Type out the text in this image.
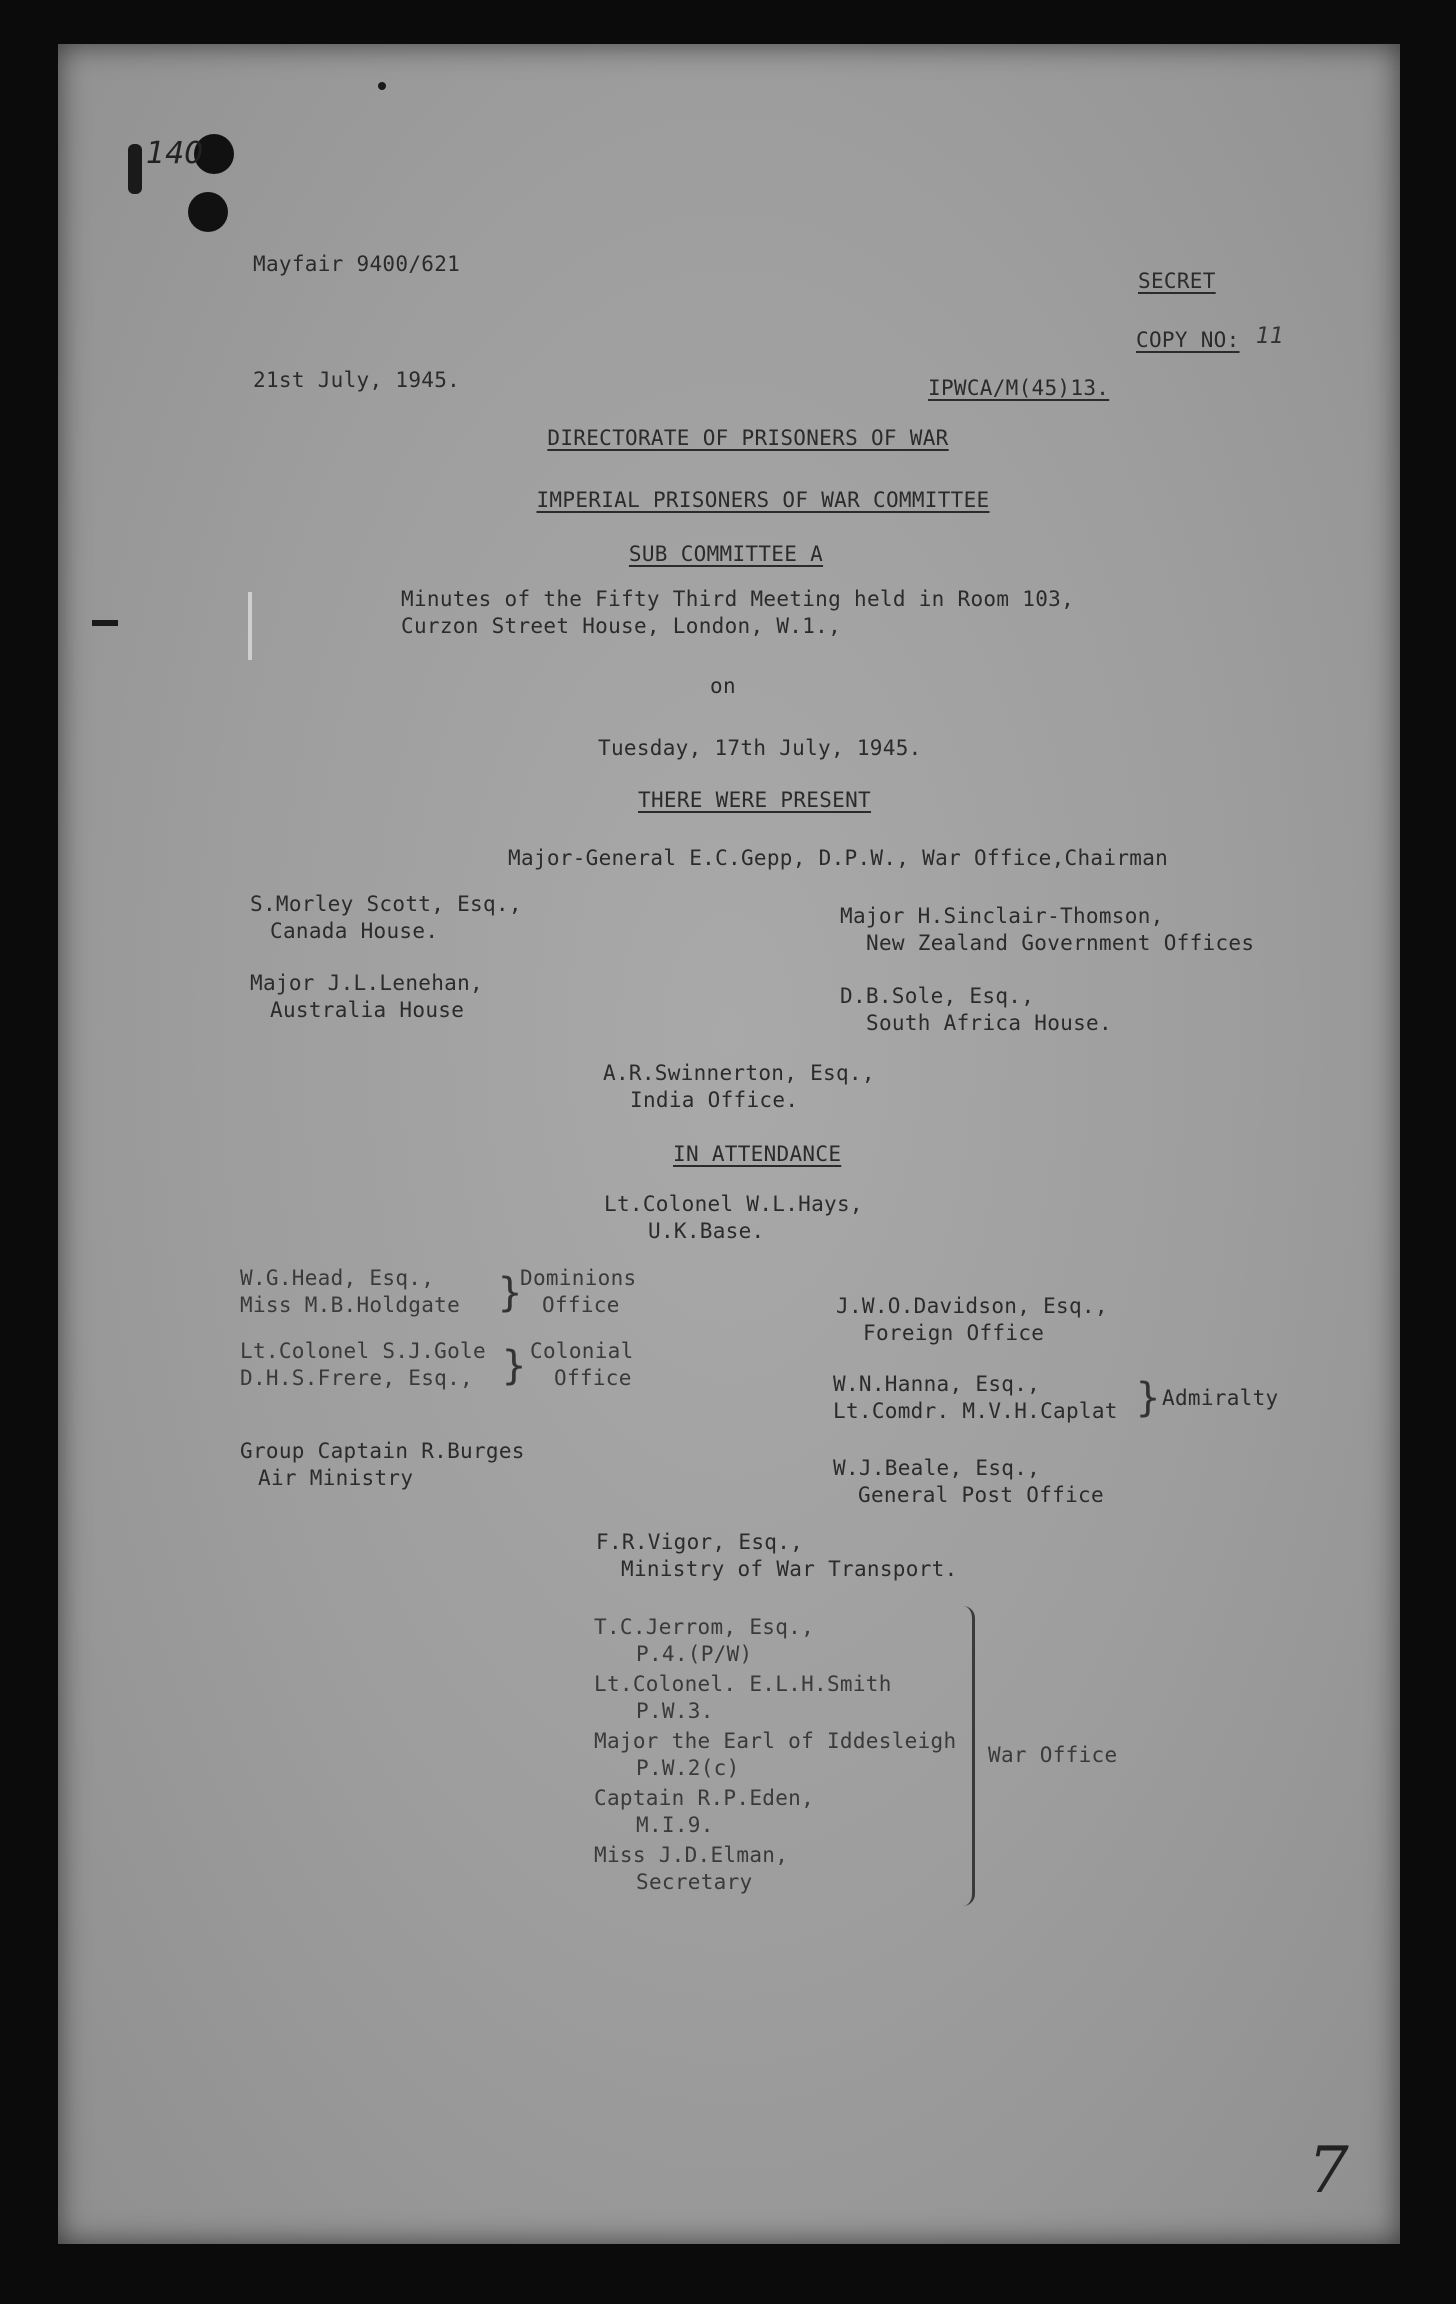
140
Mayfair 9400/621
SECRET
COPY NO: 11
21st July, 1945.	IPWCA/M(45)13.
DIRECTORATE OF PRISONERS OF WAR
IMPERIAL PRISONERS OF WAR COMMITTEE
SUB COMMITTEE A
Minutes of the Fifty Third Meeting held in Room 103,
Curzon Street House, London, W.1.,
on
Tuesday, 17th July, 1945.
THERE WERE PRESENT
Major-General E.C.Gepp, D.P.W., War Office,Chairman
S.Morley Scott, Esq.,
Canada House.
Major J.L.Lenehan,
Australia House
Major H.Sinclair-Thomson,
New Zealand Government Offices
D.B.Sole, Esq.,
South Africa House.
A.R.Swinnerton, Esq.,
India Office.
IN ATTENDANCE
Lt.Colonel W.L.Hays,
U.K.Base.
W.G.Head, Esq.,
Miss M.B.Holdgate }
Dominions
Office
Lt.Colonel S.J.Gole
D.H.S.Frere, Esq., } Colonial
Office
Group Captain R.Burges
Air Ministry
J.W.O.Davidson, Esq.,
Foreign Office
W.N.Hanna, Esq.,
Lt.Comdr. M.V.H.Caplat } Admiralty
W.J.Beale, Esq.,
General Post Office
F.R.Vigor, Esq.,
Ministry of War Transport.
T.C.Jerrom, Esq.,
P.4.(P/W)
Lt.Colonel. E.L.H.Smith
P.W.3.
Major the Earl of Iddesleigh
P.W.2(c)
Captain R.P.Eden,
M.I.9.
Miss J.D.Elman,
Secretary
War Office
7
